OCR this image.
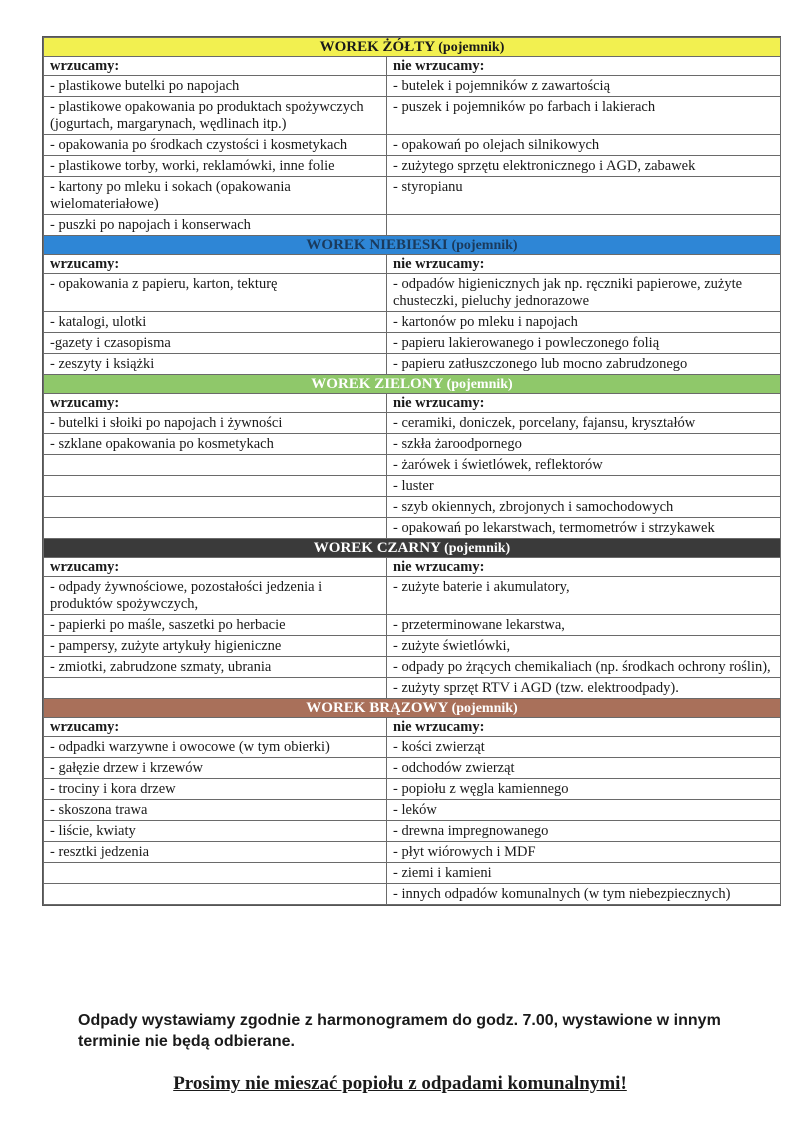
WOREK ŻÓŁTY (pojemnik)	
wrzucamy:	nie wrzucamy:
- plastikowe butelki po napojach	- butelek i pojemników z zawartością
- plastikowe opakowania po produktach spożywczych (jogurtach, margarynach, wędlinach itp.)	- puszek i pojemników po farbach i lakierach
- opakowania po środkach czystości i kosmetykach	- opakowań po olejach silnikowych
- plastikowe torby, worki, reklamówki, inne folie	- zużytego sprzętu elektronicznego i AGD, zabawek
- kartony po mleku i sokach (opakowania wielomateriałowe)	- styropianu
- puszki po napojach i konserwach	
WOREK NIEBIESKI (pojemnik)	
wrzucamy:	nie wrzucamy:
- opakowania z papieru, karton, tekturę	- odpadów higienicznych jak np. ręczniki papierowe, zużyte chusteczki, pieluchy jednorazowe
- katalogi, ulotki	- kartonów po mleku i napojach
-gazety i czasopisma	- papieru lakierowanego i powleczonego folią
- zeszyty i książki	- papieru zatłuszczonego lub mocno zabrudzonego
WOREK ZIELONY (pojemnik)	
wrzucamy:	nie wrzucamy:
- butelki i słoiki po napojach i żywności	- ceramiki, doniczek, porcelany, fajansu, kryształów
- szklane opakowania po kosmetykach	- szkła żaroodpornego
	- żarówek i świetlówek, reflektorów
	- luster
	- szyb okiennych, zbrojonych i samochodowych
	- opakowań po lekarstwach, termometrów i strzykawek
WOREK CZARNY (pojemnik)	
wrzucamy:	nie wrzucamy:
- odpady żywnościowe, pozostałości jedzenia i produktów spożywczych,	- zużyte baterie i akumulatory,
- papierki po maśle, saszetki po herbacie	- przeterminowane lekarstwa,
- pampersy, zużyte artykuły higieniczne	- zużyte świetlówki,
- zmiotki, zabrudzone szmaty, ubrania	- odpady po żrących chemikaliach (np. środkach ochrony roślin),
	- zużyty sprzęt RTV i AGD (tzw. elektroodpady).
WOREK BRĄZOWY (pojemnik)	
wrzucamy:	nie wrzucamy:
- odpadki warzywne i owocowe (w tym obierki)	- kości zwierząt
- gałęzie drzew i krzewów	- odchodów zwierząt
- trociny i kora drzew	- popiołu z węgla kamiennego
- skoszona trawa	- leków
- liście, kwiaty	- drewna impregnowanego
- resztki jedzenia	- płyt wiórowych i MDF
	- ziemi i kamieni
	- innych odpadów komunalnych (w tym niebezpiecznych)
Odpady wystawiamy zgodnie z harmonogramem do godz. 7.00, wystawione w innym terminie nie będą odbierane.
Prosimy nie mieszać popiołu z odpadami komunalnymi!
